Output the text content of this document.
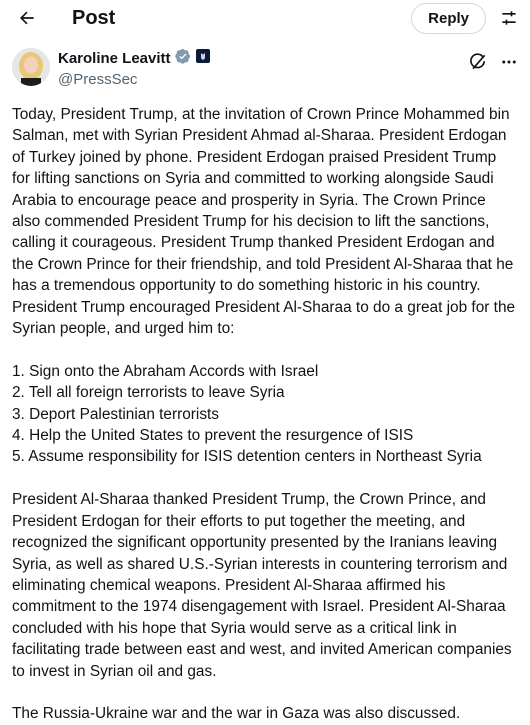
Post	Reply
Karoline Leavitt
@PressSec

Today, President Trump, at the invitation of Crown Prince Mohammed bin Salman, met with Syrian President Ahmad al-Sharaa. President Erdogan of Turkey joined by phone. President Erdogan praised President Trump for lifting sanctions on Syria and committed to working alongside Saudi Arabia to encourage peace and prosperity in Syria. The Crown Prince also commended President Trump for his decision to lift the sanctions, calling it courageous. President Trump thanked President Erdogan and the Crown Prince for their friendship, and told President Al-Sharaa that he has a tremendous opportunity to do something historic in his country. President Trump encouraged President Al-Sharaa to do a great job for the Syrian people, and urged him to:

1. Sign onto the Abraham Accords with Israel
2. Tell all foreign terrorists to leave Syria
3. Deport Palestinian terrorists
4. Help the United States to prevent the resurgence of ISIS
5. Assume responsibility for ISIS detention centers in Northeast Syria

President Al-Sharaa thanked President Trump, the Crown Prince, and President Erdogan for their efforts to put together the meeting, and recognized the significant opportunity presented by the Iranians leaving Syria, as well as shared U.S.-Syrian interests in countering terrorism and eliminating chemical weapons. President Al-Sharaa affirmed his commitment to the 1974 disengagement with Israel. President Al-Sharaa concluded with his hope that Syria would serve as a critical link in facilitating trade between east and west, and invited American companies to invest in Syrian oil and gas.

The Russia-Ukraine war and the war in Gaza was also discussed.
